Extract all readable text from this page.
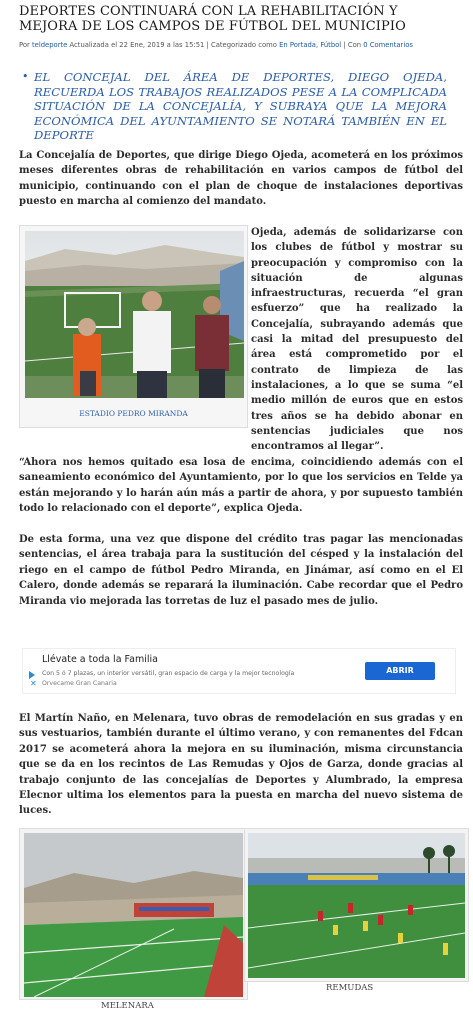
DEPORTES CONTINUARÁ CON LA REHABILITACIÓN Y MEJORA DE LOS CAMPOS DE FÚTBOL DEL MUNICIPIO
Por teldeporte Actualizada el 22 Ene, 2019 a las 15:51 | Categorizado como En Portada, Fútbol | Con 0 Comentarios
• EL CONCEJAL DEL ÁREA DE DEPORTES, DIEGO OJEDA, RECUERDA LOS TRABAJOS REALIZADOS PESE A LA COMPLICADA SITUACIÓN DE LA CONCEJALÍA, Y SUBRAYA QUE LA MEJORA ECONÓMICA DEL AYUNTAMIENTO SE NOTARÁ TAMBIÉN EN EL DEPORTE

La Concejalía de Deportes, que dirige Diego Ojeda, acometerá en los próximos meses diferentes obras de rehabilitación en varios campos de fútbol del municipio, continuando con el plan de choque de instalaciones deportivas puesto en marcha al comienzo del mandato.

ESTADIO PEDRO MIRANDA

Ojeda, además de solidarizarse con los clubes de fútbol y mostrar su preocupación y compromiso con la situación de algunas infraestructuras, recuerda “el gran esfuerzo” que ha realizado la Concejalía, subrayando además que casi la mitad del presupuesto del área está comprometido por el contrato de limpieza de las instalaciones, a lo que se suma “el medio millón de euros que en estos tres años se ha debido abonar en sentencias judiciales que nos encontramos al llegar”.

“Ahora nos hemos quitado esa losa de encima, coincidiendo además con el saneamiento económico del Ayuntamiento, por lo que los servicios en Telde ya están mejorando y lo harán aún más a partir de ahora, y por supuesto también todo lo relacionado con el deporte”, explica Ojeda.

De esta forma, una vez que dispone del crédito tras pagar las mencionadas sentencias, el área trabaja para la sustitución del césped y la instalación del riego en el campo de fútbol Pedro Miranda, en Jinámar, así como en el El Calero, donde además se reparará la iluminación. Cabe recordar que el Pedro Miranda vio mejorada las torretas de luz el pasado mes de julio.

Llévate a toda la Familia
Con 5 ó 7 plazas, un interior versátil, gran espacio de carga y la mejor tecnología
✕ Orvecame Gran Canaria
ABRIR

El Martín Naño, en Melenara, tuvo obras de remodelación en sus gradas y en sus vestuarios, también durante el último verano, y con remanentes del Fdcan 2017 se acometerá ahora la mejora en su iluminación, misma circunstancia que se da en los recintos de Las Remudas y Ojos de Garza, donde gracias al trabajo conjunto de las concejalías de Deportes y Alumbrado, la empresa Elecnor ultima los elementos para la puesta en marcha del nuevo sistema de luces.

MELENARA
REMUDAS
